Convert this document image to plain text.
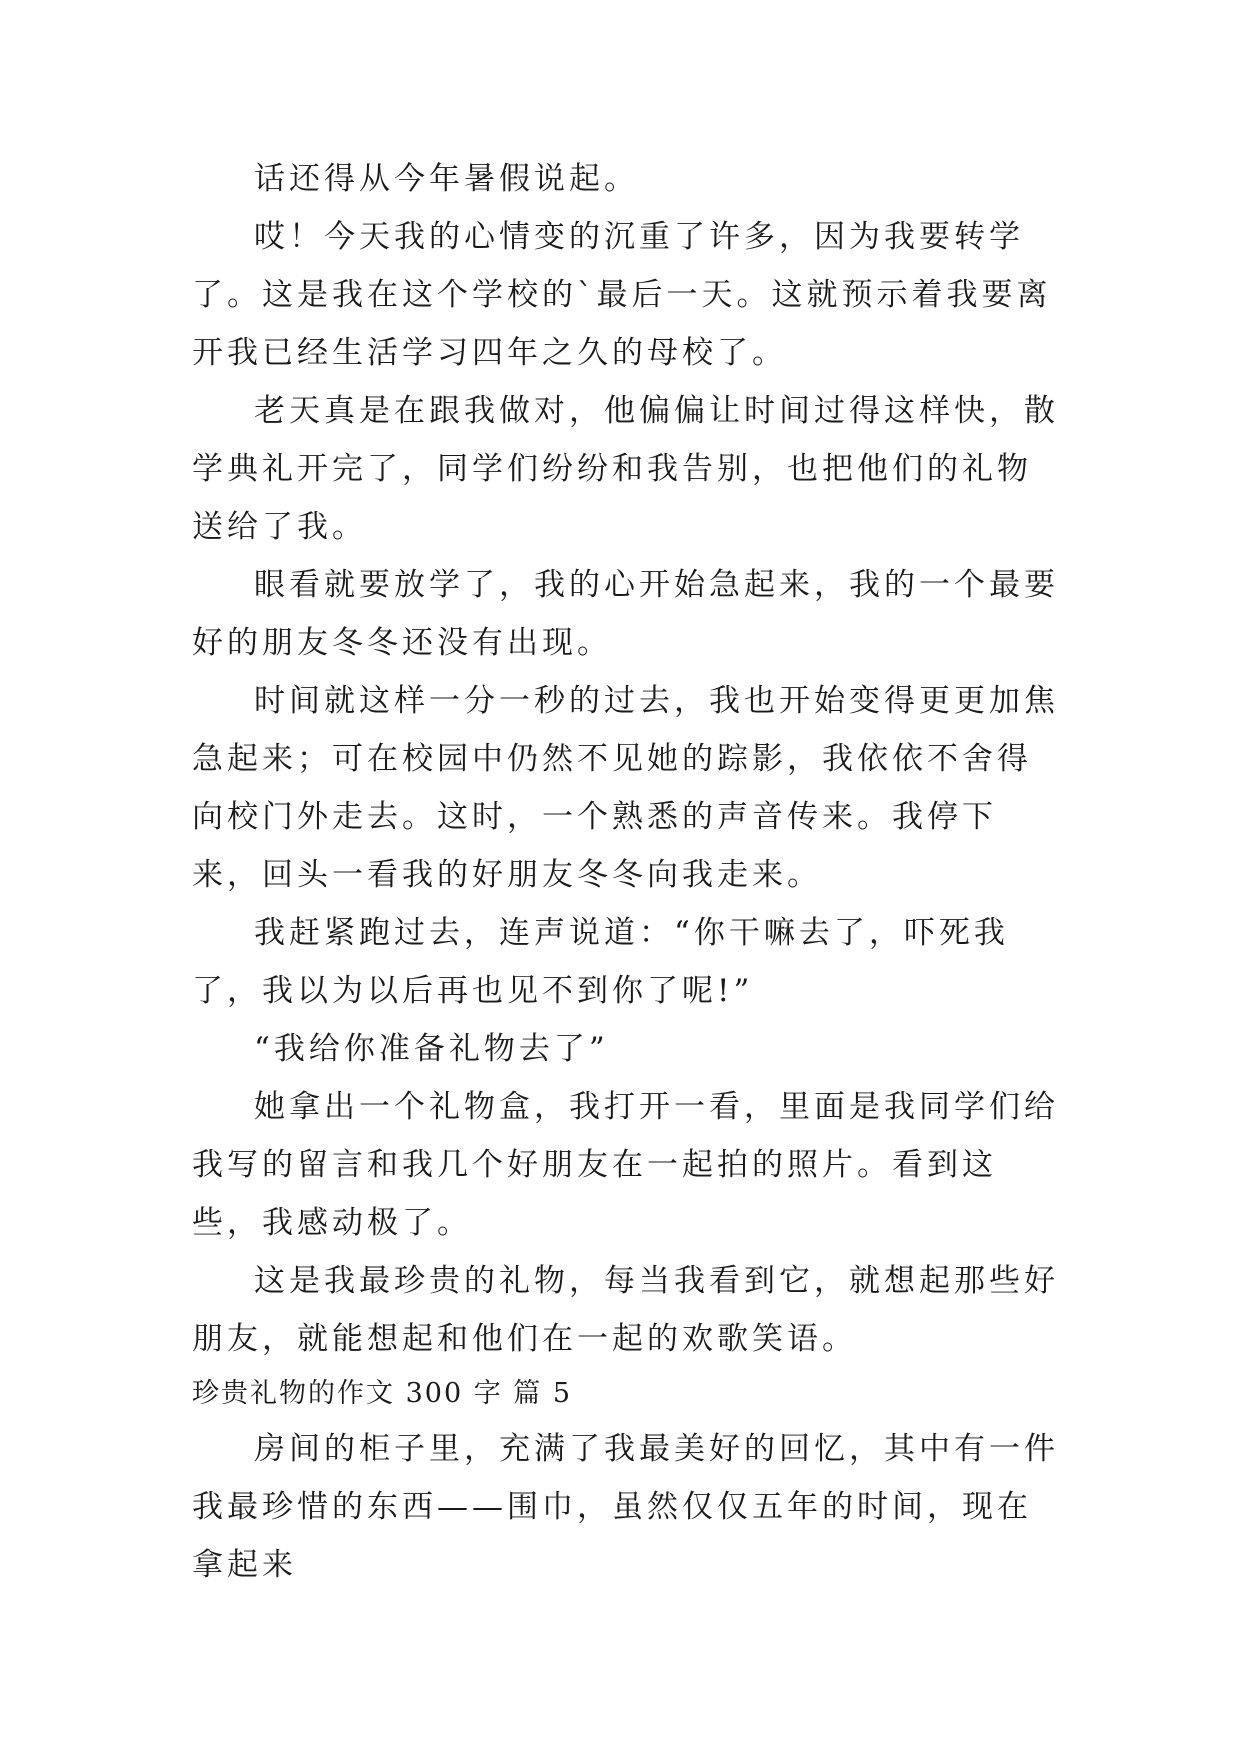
话还得从今年暑假说起。

哎！今天我的心情变的沉重了许多，因为我要转学了。这是我在这个学校的`最后一天。这就预示着我要离开我已经生活学习四年之久的母校了。

老天真是在跟我做对，他偏偏让时间过得这样快，散学典礼开完了，同学们纷纷和我告别，也把他们的礼物送给了我。

眼看就要放学了，我的心开始急起来，我的一个最要好的朋友冬冬还没有出现。

时间就这样一分一秒的过去，我也开始变得更更加焦急起来；可在校园中仍然不见她的踪影，我依依不舍得向校门外走去。这时，一个熟悉的声音传来。我停下来，回头一看我的好朋友冬冬向我走来。

我赶紧跑过去，连声说道：“你干嘛去了，吓死我了，我以为以后再也见不到你了呢!”

“我给你准备礼物去了”

她拿出一个礼物盒，我打开一看，里面是我同学们给我写的留言和我几个好朋友在一起拍的照片。看到这些，我感动极了。

这是我最珍贵的礼物，每当我看到它，就想起那些好朋友，就能想起和他们在一起的欢歌笑语。

珍贵礼物的作文 300 字 篇 5

房间的柜子里，充满了我最美好的回忆，其中有一件我最珍惜的东西——围巾，虽然仅仅五年的时间，现在拿起来
